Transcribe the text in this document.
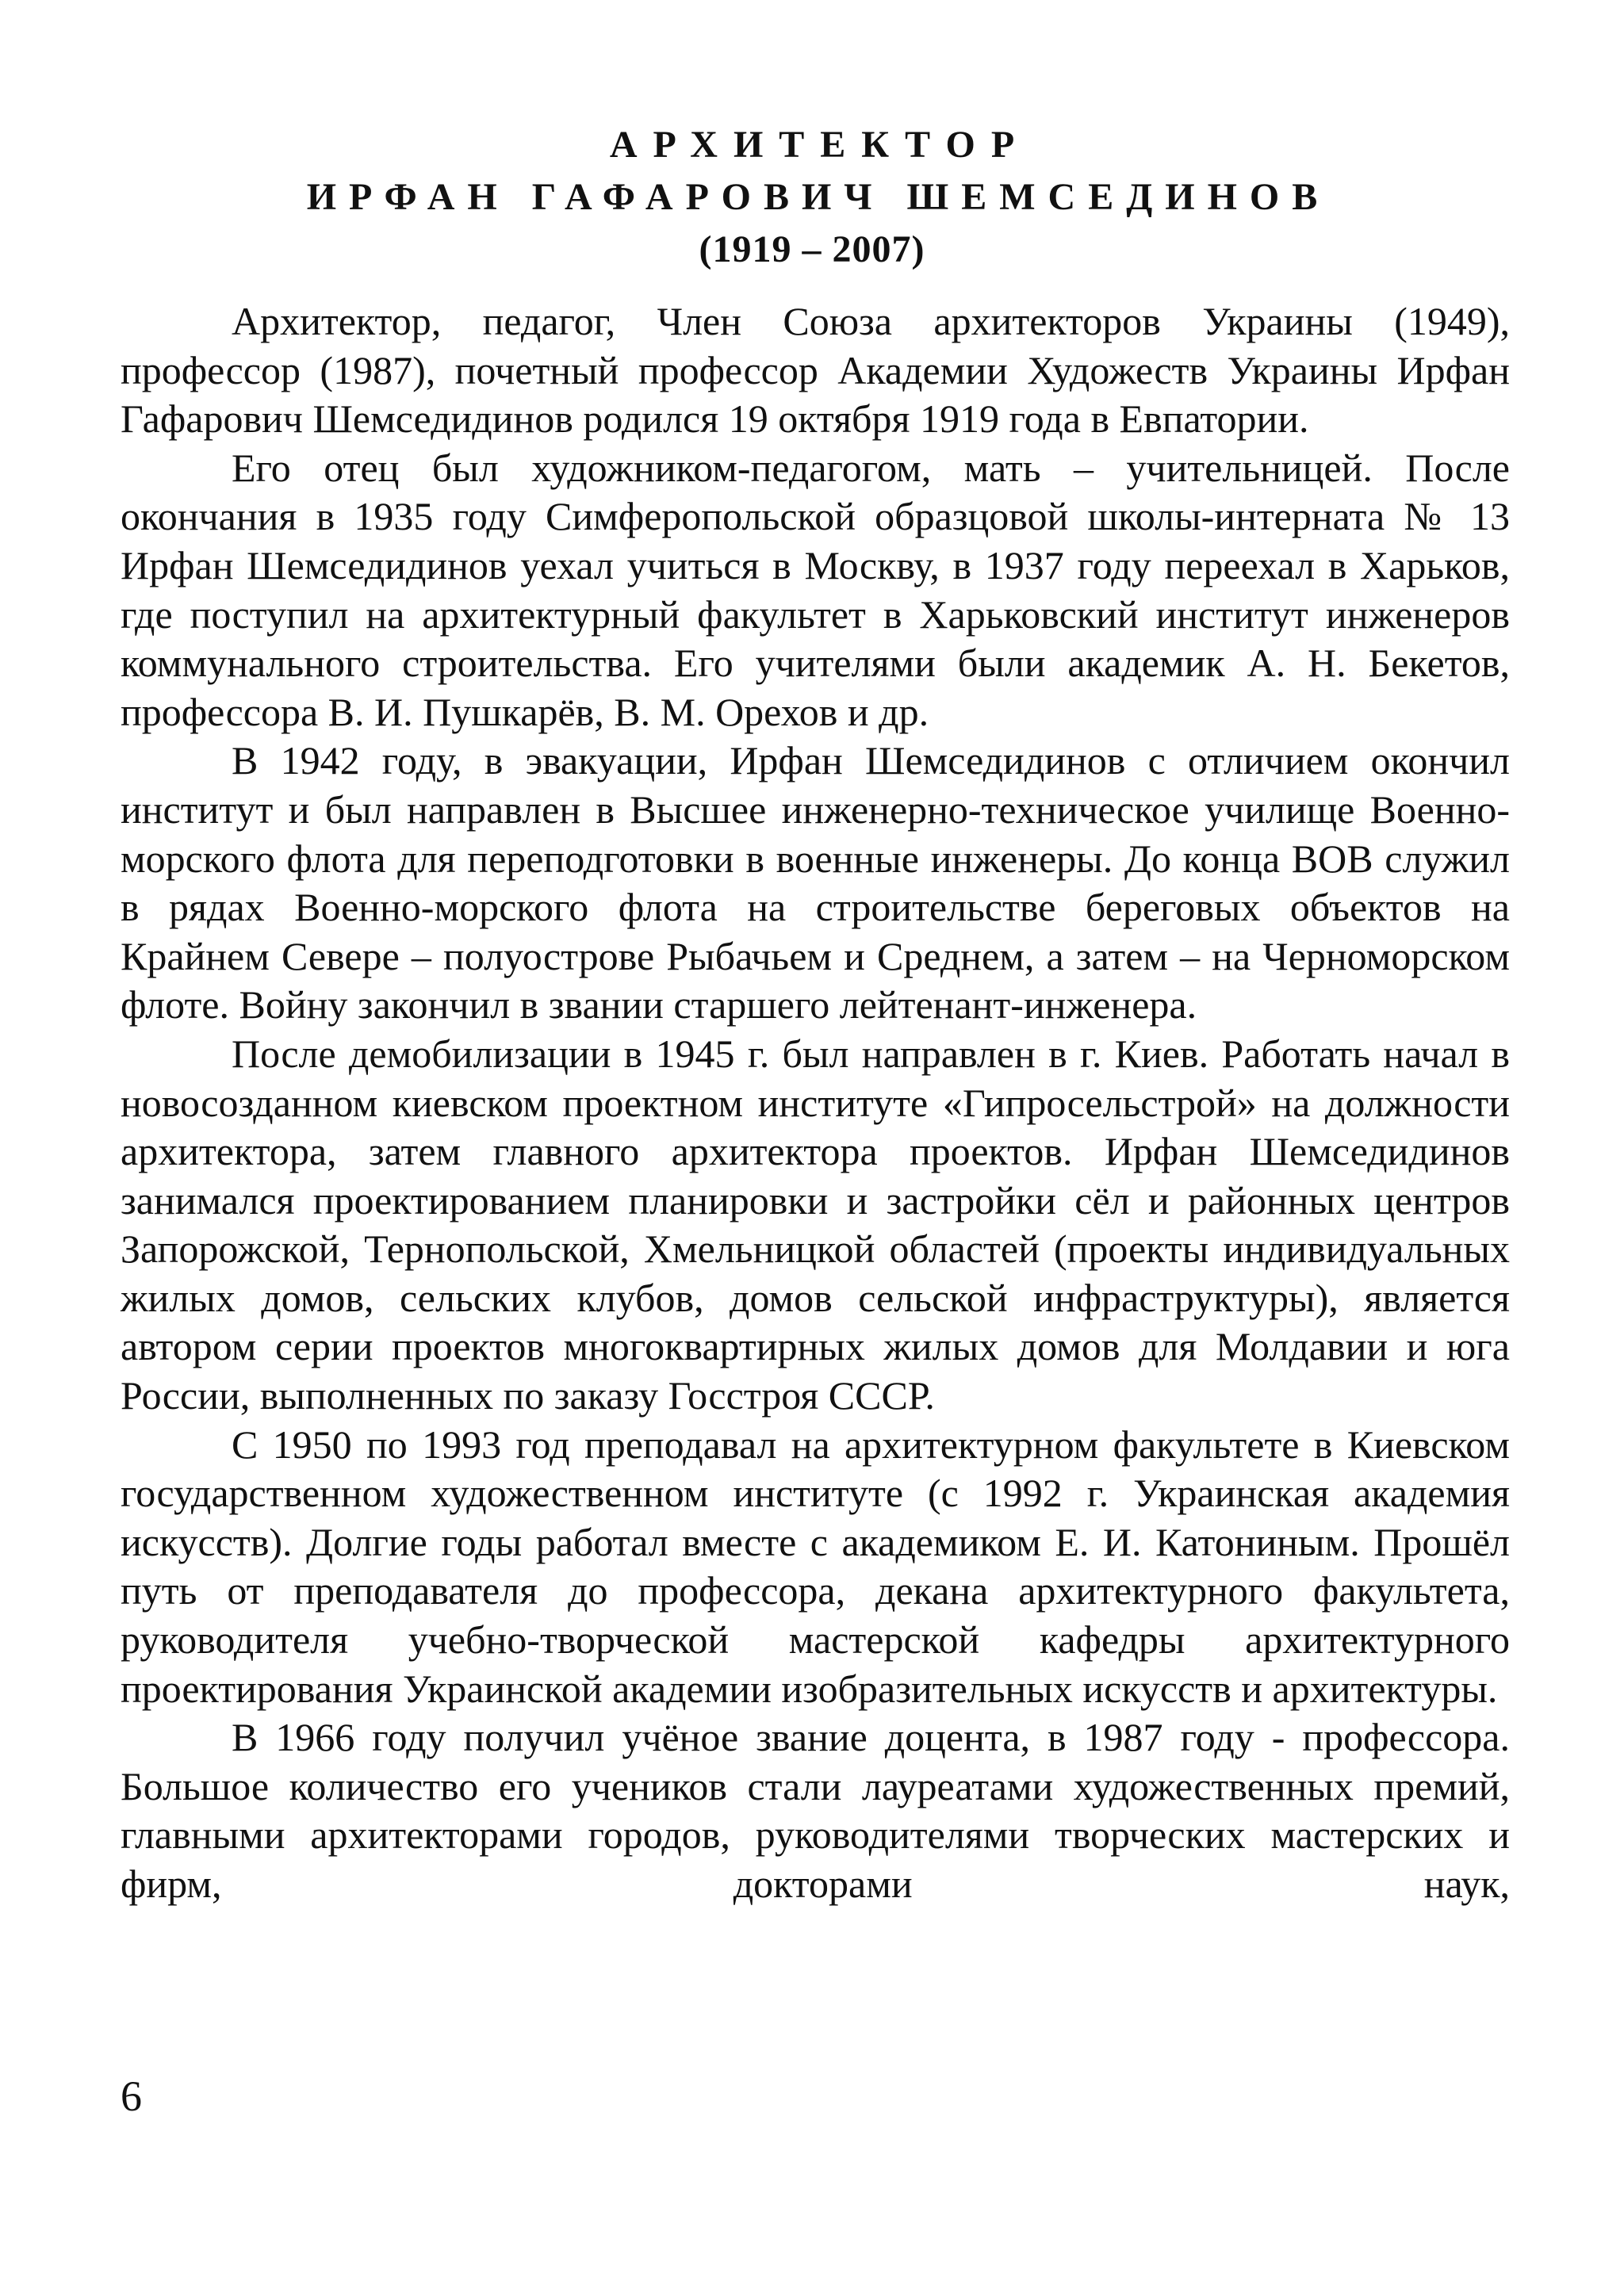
АРХИТЕКТОР
ИРФАН ГАФАРОВИЧ ШЕМСЕДИНОВ
(1919 – 2007)

Архитектор, педагог, Член Союза архитекторов Украины (1949), профессор (1987), почетный профессор Академии Художеств Украины Ирфан Гафарович Шемседидинов родился 19 октября 1919 года в Евпатории.

Его отец был художником-педагогом, мать – учительницей. После окончания в 1935 году Симферопольской образцовой школы-интерната № 13 Ирфан Шемседидинов уехал учиться в Москву, в 1937 году переехал в Харьков, где поступил на архитектурный факультет в Харьковский институт инженеров коммунального строительства. Его учителями были академик А. Н. Бекетов, профессора В. И. Пушкарёв, В. М. Орехов и др.

В 1942 году, в эвакуации, Ирфан Шемседидинов с отличием окончил институт и был направлен в Высшее инженерно-техническое училище Военно-морского флота для переподготовки в военные инженеры. До конца ВОВ служил в рядах Военно-морского флота на строительстве береговых объектов на Крайнем Севере – полуострове Рыбачьем и Среднем, а затем – на Черноморском флоте. Войну закончил в звании старшего лейтенант-инженера.

После демобилизации в 1945 г. был направлен в г. Киев. Работать начал в новосозданном киевском проектном институте «Гипросельстрой» на должности архитектора, затем главного архитектора проектов. Ирфан Шемседидинов занимался проектированием планировки и застройки сёл и районных центров Запорожской, Тернопольской, Хмельницкой областей (проекты индивидуальных жилых домов, сельских клубов, домов сельской инфраструктуры), является автором серии проектов многоквартирных жилых домов для Молдавии и юга России, выполненных по заказу Госстроя СССР.

С 1950 по 1993 год преподавал на архитектурном факультете в Киевском государственном художественном институте (с 1992 г. Украинская академия искусств). Долгие годы работал вместе с академиком Е. И. Катониным. Прошёл путь от преподавателя до профессора, декана архитектурного факультета, руководителя учебно-творческой мастерской кафедры архитектурного проектирования Украинской академии изобразительных искусств и архитектуры.

В 1966 году получил учёное звание доцента, в 1987 году - профессора. Большое количество его учеников стали лауреатами художественных премий, главными архитекторами городов, руководителями творческих мастерских и фирм, докторами наук,

6
